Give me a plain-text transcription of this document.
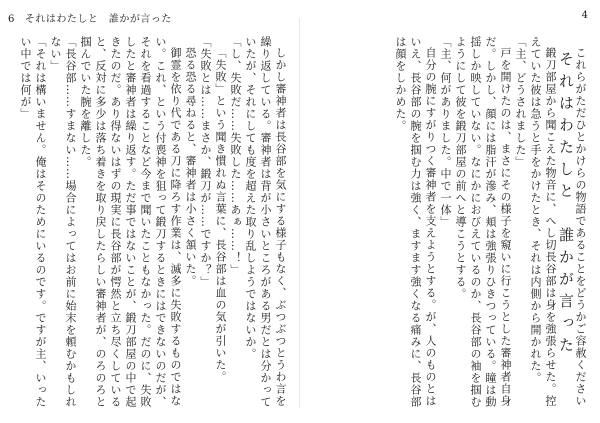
6 それはわたしと　誰かが言った

しかし審神者は長谷部を気にする様子もなく、ぶつぶつとうわ言を繰り返している。審神者は背が小さいところがある男だとは分かっていたが、それにしても度を超えた取り乱しようではないか。

「し、失敗だ……失敗した……あぁ……！」

「失敗」という聞き慣れぬ言葉に、長谷部は血の気が引いた。

「失敗とは……まさか、鍛刀が……ですか？」

恐る恐る尋ねると、審神者は小さく頷いた。

御霊を依り代である刀に降ろす作業は、滅多に失敗するものではない。これ、という付喪神を狙って鍛刀するときにはできないのだが、それを看過することなど今まで聞いたこともなかった。だのに、失敗したと審神者は繰り返す。ただ事ではないことが、鍛刀部屋の中で起きたのだ。あり得ないはずの現実に長谷部が愕然と立ち尽くしていると、反対に多少は落ち着きを取り戻したらしい審神者が、のろのろと掴んでいた腕を離した。

「長谷部……すまない……場合によってはお前に始末を頼むかもしれない」

「それは構いません。俺はそのためにいるのです。ですが主、いったい中では何が」

4

これらがただひとかけらの物語であることをどうかご容赦ください

それはわたしと　誰かが言った

鍛刀部屋から聞こえた物音に、へし切長谷部は身を強張らせた。控えていた彼は急うと手をかけたとき、それは内側から開かれた。

「主、どうされました」

戸を開けたのは、まさにその様子を窺いに行こうとした審神者自身だ。しかし、顔には脂汗が滲み、頬は強張りひきつっている。瞳は動揺しか映していない。なにかにおびえているのか、長谷部の袖を掴むようにして彼を鍛刀部屋の前へと導こうとする。

「主、何がありました。中で一体」

自分の腕にすがりつく審神者を支えようとする。が、人のものとはいえ、長谷部の腕を掴む力は強く、ますます強くなる痛みに、長谷部は顔をしかめた。
